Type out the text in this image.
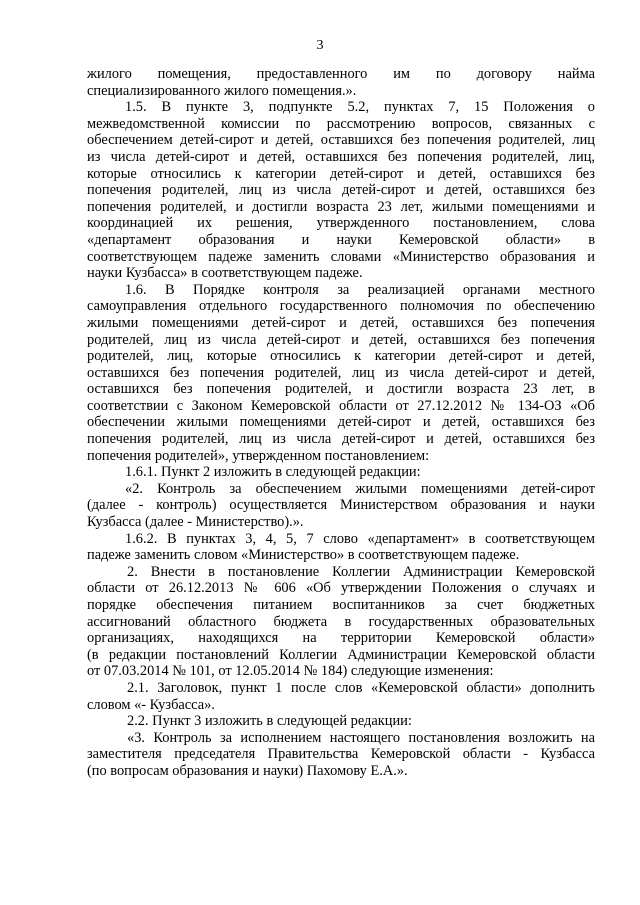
3
жилого помещения, предоставленного им по договору найма
специализированного жилого помещения.».
1.5. В пункте 3, подпункте 5.2, пунктах 7, 15 Положения о
межведомственной комиссии по рассмотрению вопросов, связанных с
обеспечением детей-сирот и детей, оставшихся без попечения родителей, лиц
из числа детей-сирот и детей, оставшихся без попечения родителей, лиц,
которые относились к категории детей-сирот и детей, оставшихся без
попечения родителей, лиц из числа детей-сирот и детей, оставшихся без
попечения родителей, и достигли возраста 23 лет, жилыми помещениями и
координацией их решения, утвержденного постановлением, слова
«департамент образования и науки Кемеровской области» в
соответствующем падеже заменить словами «Министерство образования и
науки Кузбасса» в соответствующем падеже.
1.6. В Порядке контроля за реализацией органами местного
самоуправления отдельного государственного полномочия по обеспечению
жилыми помещениями детей-сирот и детей, оставшихся без попечения
родителей, лиц из числа детей-сирот и детей, оставшихся без попечения
родителей, лиц, которые относились к категории детей-сирот и детей,
оставшихся без попечения родителей, лиц из числа детей-сирот и детей,
оставшихся без попечения родителей, и достигли возраста 23 лет, в
соответствии с Законом Кемеровской области от 27.12.2012 № 134-ОЗ «Об
обеспечении жилыми помещениями детей-сирот и детей, оставшихся без
попечения родителей, лиц из числа детей-сирот и детей, оставшихся без
попечения родителей», утвержденном постановлением:
1.6.1. Пункт 2 изложить в следующей редакции:
«2. Контроль за обеспечением жилыми помещениями детей-сирот
(далее - контроль) осуществляется Министерством образования и науки
Кузбасса (далее - Министерство).».
1.6.2. В пунктах 3, 4, 5, 7 слово «департамент» в соответствующем
падеже заменить словом «Министерство» в соответствующем падеже.
2. Внести в постановление Коллегии Администрации Кемеровской
области от 26.12.2013 № 606 «Об утверждении Положения о случаях и
порядке обеспечения питанием воспитанников за счет бюджетных
ассигнований областного бюджета в государственных образовательных
организациях, находящихся на территории Кемеровской области»
(в редакции постановлений Коллегии Администрации Кемеровской области
от 07.03.2014 № 101, от 12.05.2014 № 184) следующие изменения:
2.1. Заголовок, пункт 1 после слов «Кемеровской области» дополнить
словом «- Кузбасса».
2.2. Пункт 3 изложить в следующей редакции:
«3. Контроль за исполнением настоящего постановления возложить на
заместителя председателя Правительства Кемеровской области - Кузбасса
(по вопросам образования и науки) Пахомову Е.А.».
